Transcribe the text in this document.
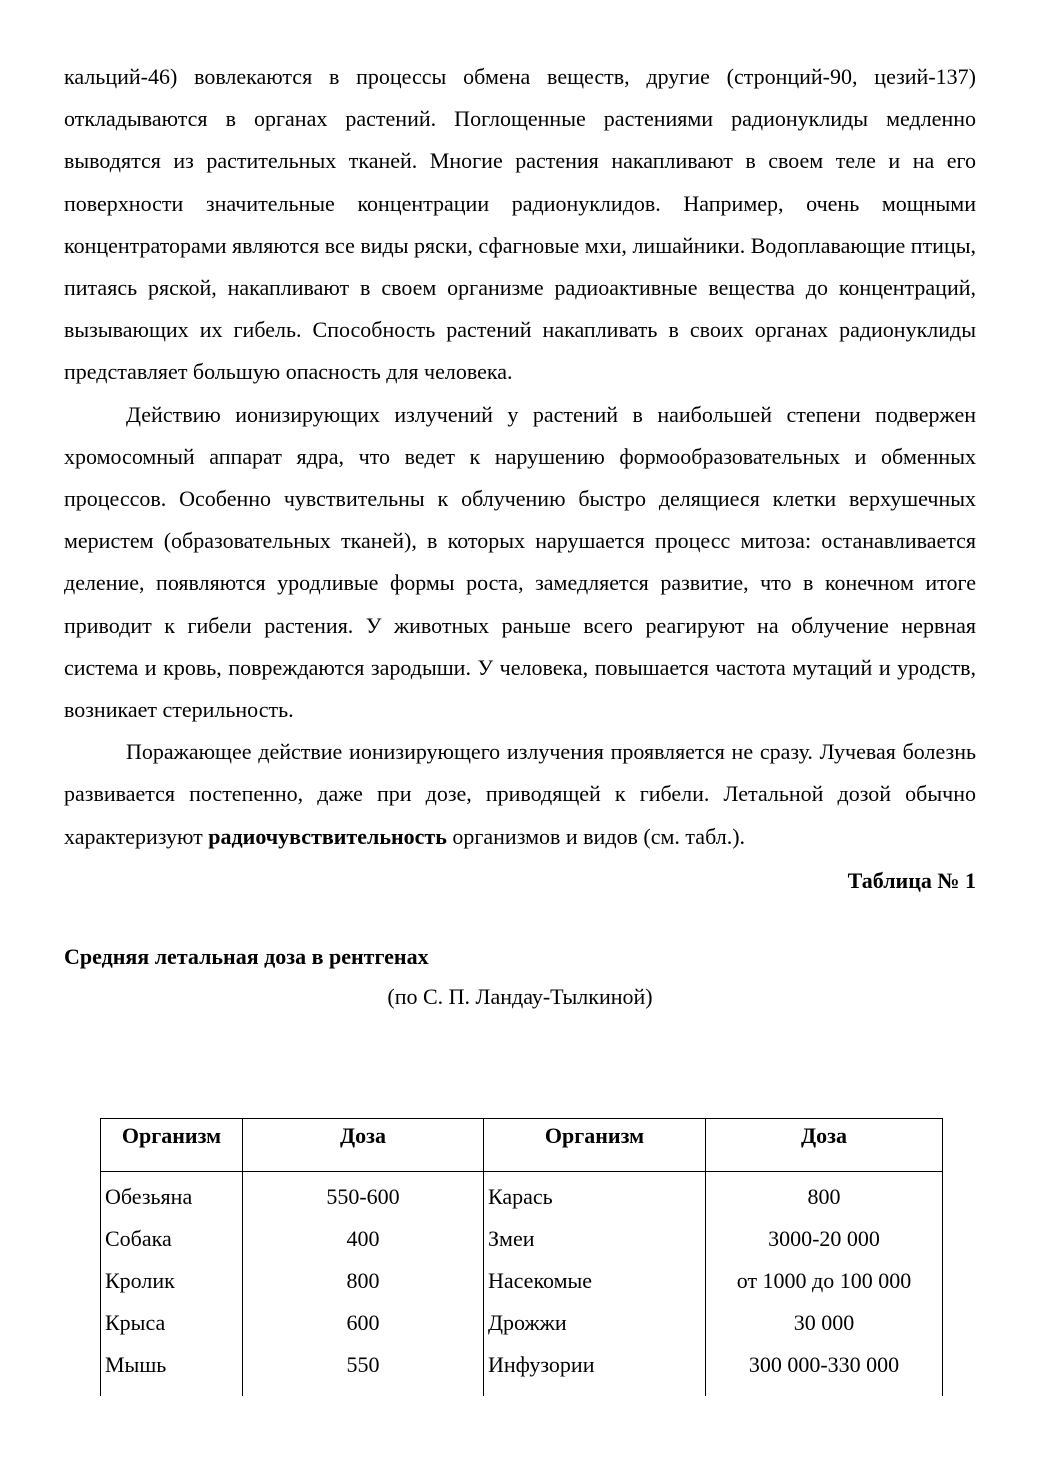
кальций-46) вовлекаются в процессы обмена веществ, другие (стронций-90, цезий-137) откладываются в органах растений. Поглощенные растениями радионуклиды медленно выводятся из растительных тканей. Многие растения накапливают в своем теле и на его поверхности значительные концентрации радионуклидов. Например, очень мощными концентраторами являются все виды ряски, сфагновые мхи, лишайники. Водоплавающие птицы, питаясь ряской, накапливают в своем организме радиоактивные вещества до концентраций, вызывающих их гибель. Способность растений накапливать в своих органах радионуклиды представляет большую опасность для человека.

Действию ионизирующих излучений у растений в наибольшей степени подвержен хромосомный аппарат ядра, что ведет к нарушению формообразовательных и обменных процессов. Особенно чувствительны к облучению быстро делящиеся клетки верхушечных меристем (образовательных тканей), в которых нарушается процесс митоза: останавливается деление, появляются уродливые формы роста, замедляется развитие, что в конечном итоге приводит к гибели растения. У животных раньше всего реагируют на облучение нервная система и кровь, повреждаются зародыши. У человека, повышается частота мутаций и уродств, возникает стерильность.

Поражающее действие ионизирующего излучения проявляется не сразу. Лучевая болезнь развивается постепенно, даже при дозе, приводящей к гибели. Летальной дозой обычно характеризуют радиочувствительность организмов и видов (см. табл.).

Таблица № 1

Средняя летальная доза в рентгенах

(по С. П. Ландау-Тылкиной)

Организм	Доза	Организм	Доза
Обезьяна	550-600	Карась	800
Собака	400	Змеи	3000-20 000
Кролик	800	Насекомые	от 1000 до 100 000
Крыса	600	Дрожжи	30 000
Мышь	550	Инфузории	300 000-330 000
